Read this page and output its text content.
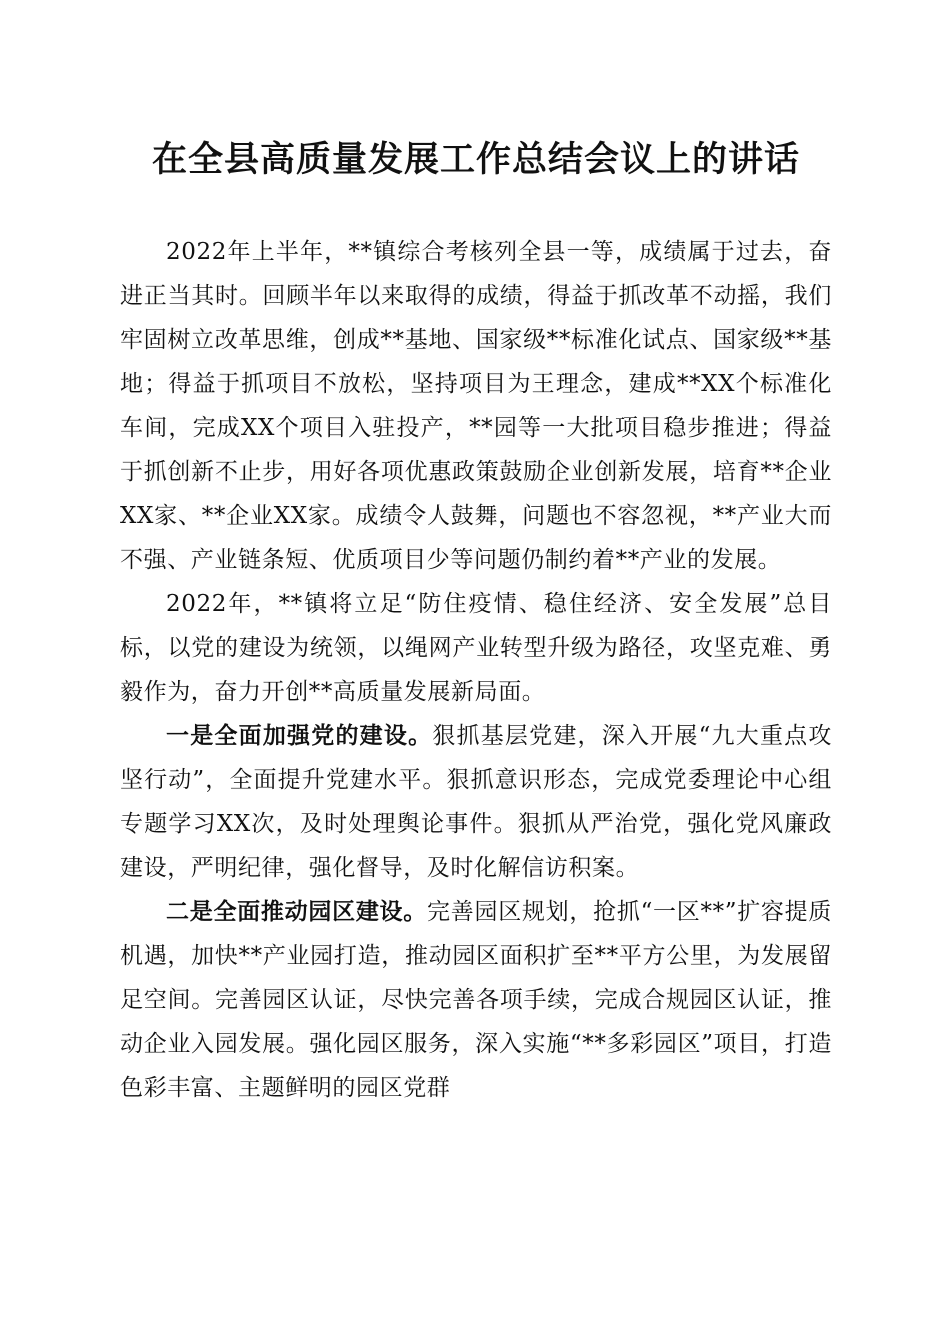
在全县高质量发展工作总结会议上的讲话

2022年上半年，**镇综合考核列全县一等，成绩属于过去，奋进正当其时。回顾半年以来取得的成绩，得益于抓改革不动摇，我们牢固树立改革思维，创成**基地、国家级**标准化试点、国家级**基地；得益于抓项目不放松，坚持项目为王理念，建成**XX个标准化车间，完成XX个项目入驻投产，**园等一大批项目稳步推进；得益于抓创新不止步，用好各项优惠政策鼓励企业创新发展，培育**企业XX家、**企业XX家。成绩令人鼓舞，问题也不容忽视，**产业大而不强、产业链条短、优质项目少等问题仍制约着**产业的发展。

2022年，**镇将立足“防住疫情、稳住经济、安全发展”总目标，以党的建设为统领，以绳网产业转型升级为路径，攻坚克难、勇毅作为，奋力开创**高质量发展新局面。

一是全面加强党的建设。狠抓基层党建，深入开展“九大重点攻坚行动”，全面提升党建水平。狠抓意识形态，完成党委理论中心组专题学习XX次，及时处理舆论事件。狠抓从严治党，强化党风廉政建设，严明纪律，强化督导，及时化解信访积案。

二是全面推动园区建设。完善园区规划，抢抓“一区**”扩容提质机遇，加快**产业园打造，推动园区面积扩至**平方公里，为发展留足空间。完善园区认证，尽快完善各项手续，完成合规园区认证，推动企业入园发展。强化园区服务，深入实施“**多彩园区”项目，打造色彩丰富、主题鲜明的园区党群
